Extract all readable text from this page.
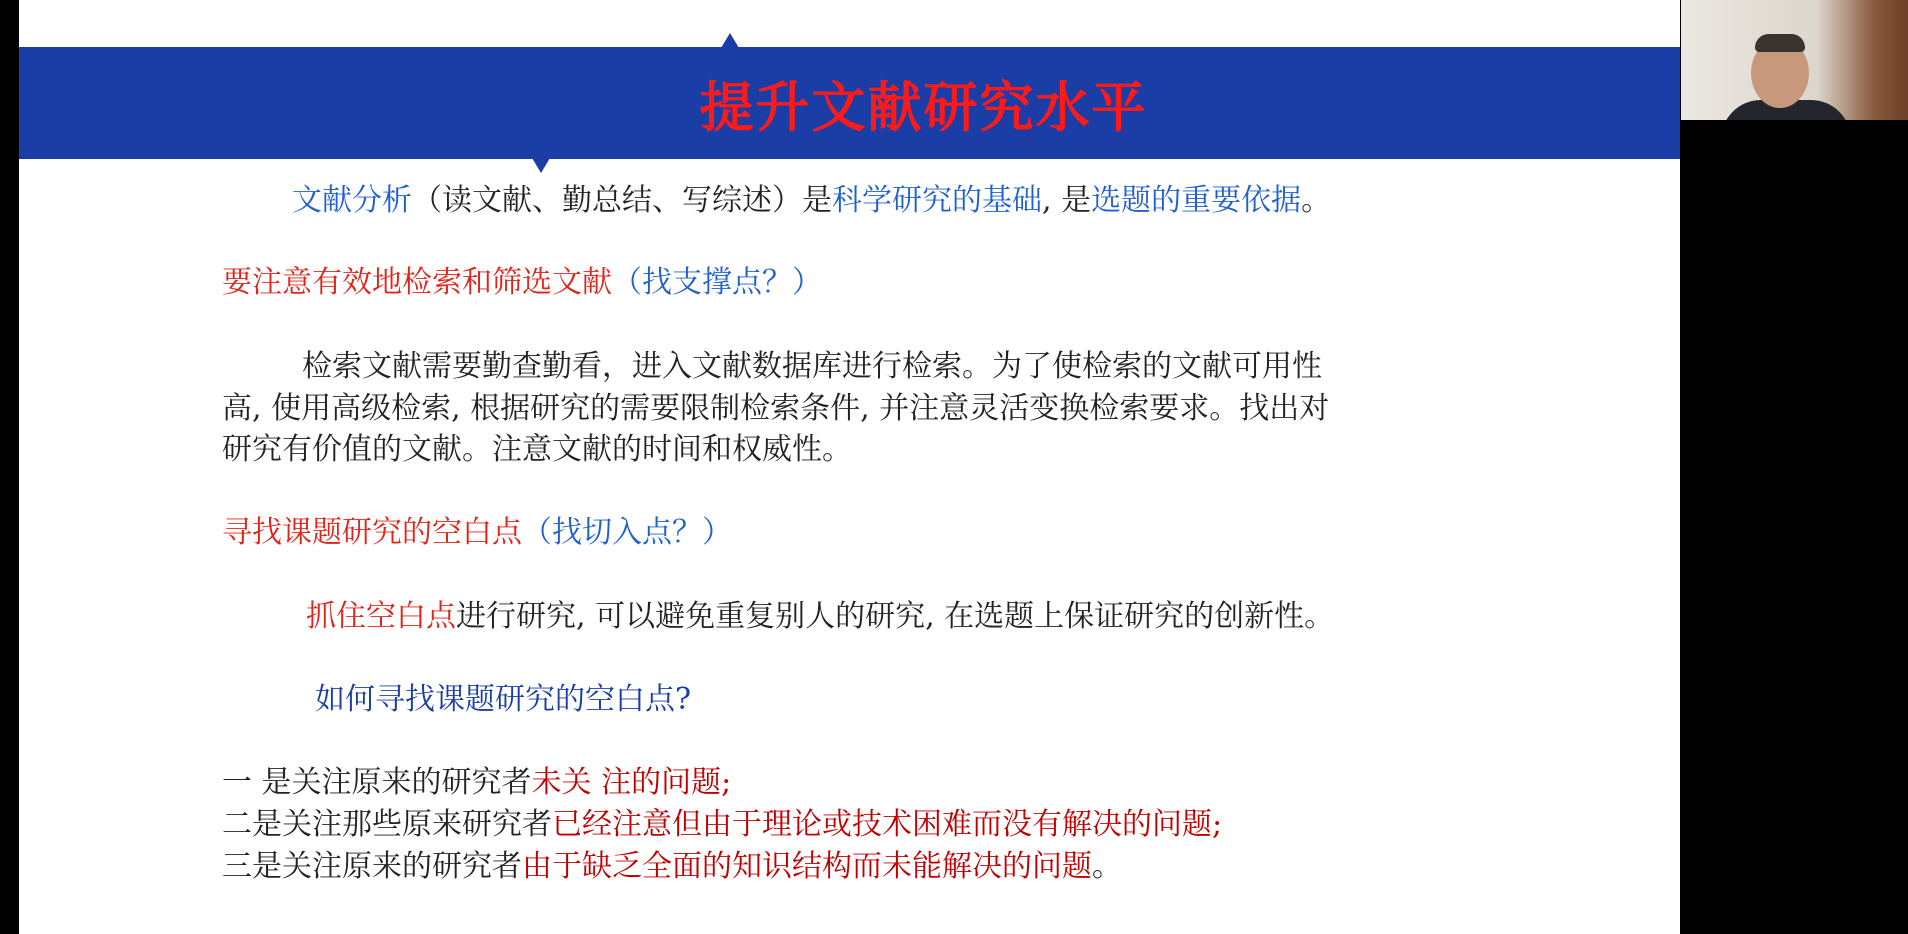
提升文献研究水平
文献分析（读文献、勤总结、写综述）是科学研究的基础, 是选题的重要依据。
要注意有效地检索和筛选文献（找支撑点？）
检索文献需要勤查勤看，进入文献数据库进行检索。为了使检索的文献可用性
高, 使用高级检索, 根据研究的需要限制检索条件, 并注意灵活变换检索要求。找出对
研究有价值的文献。注意文献的时间和权威性。
寻找课题研究的空白点（找切入点？）
抓住空白点进行研究, 可以避免重复别人的研究, 在选题上保证研究的创新性。
如何寻找课题研究的空白点?
一 是关注原来的研究者未关 注的问题;
二是关注那些原来研究者已经注意但由于理论或技术困难而没有解决的问题;
三是关注原来的研究者由于缺乏全面的知识结构而未能解决的问题。
